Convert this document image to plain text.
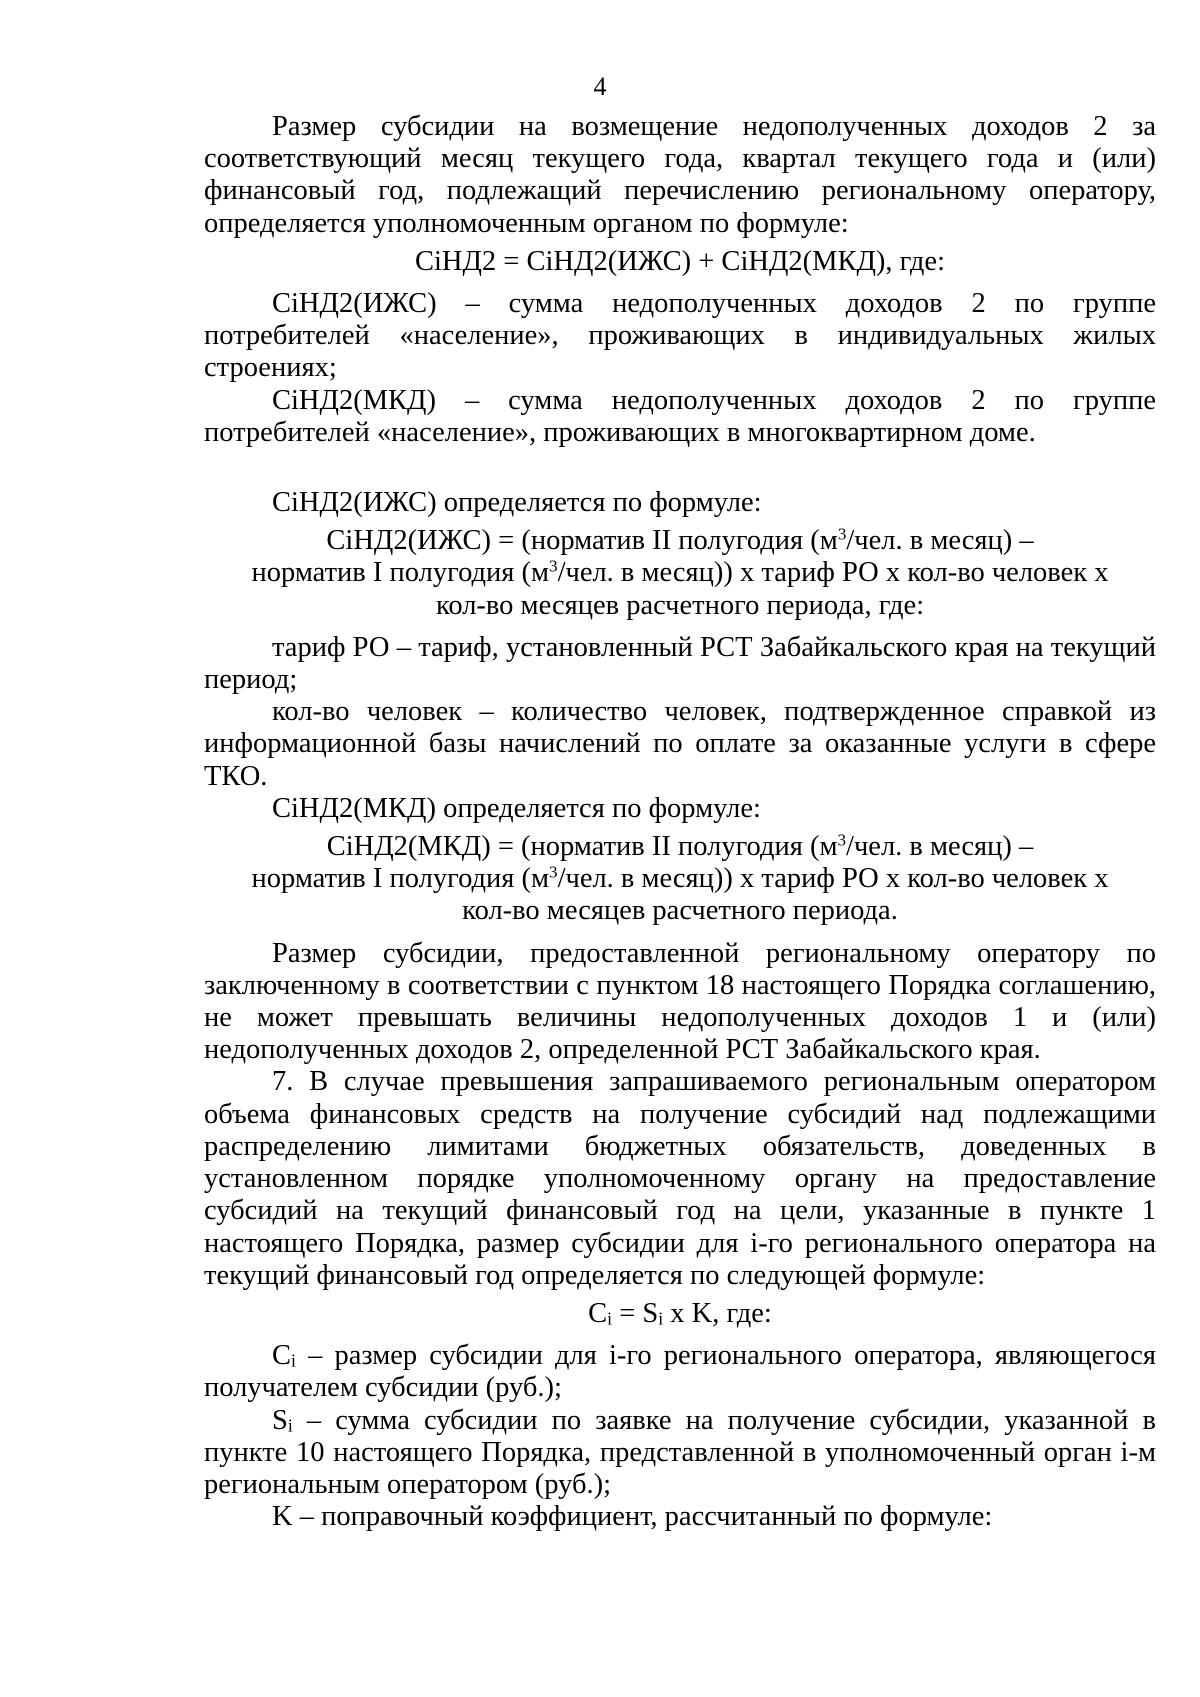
4

Размер субсидии на возмещение недополученных доходов 2 за соответствующий месяц текущего года, квартал текущего года и (или) финансовый год, подлежащий перечислению региональному оператору, определяется уполномоченным органом по формуле:

СiНД2 = СiНД2(ИЖС) + СiНД2(МКД), где:

СiНД2(ИЖС) – сумма недополученных доходов 2 по группе потребителей «население», проживающих в индивидуальных жилых строениях;

СiНД2(МКД) – сумма недополученных доходов 2 по группе потребителей «население», проживающих в многоквартирном доме.

СiНД2(ИЖС) определяется по формуле:

СiНД2(ИЖС) = (норматив II полугодия ($м^3$/чел. в месяц) –
норматив I полугодия ($м^3$/чел. в месяц)) х тариф РО х кол-во человек х
кол-во месяцев расчетного периода, где:

тариф РО – тариф, установленный РСТ Забайкальского края на текущий период;

кол-во человек – количество человек, подтвержденное справкой из информационной базы начислений по оплате за оказанные услуги в сфере ТКО.

СiНД2(МКД) определяется по формуле:

СiНД2(МКД) = (норматив II полугодия ($м^3$/чел. в месяц) –
норматив I полугодия ($м^3$/чел. в месяц)) х тариф РО х кол-во человек х
кол-во месяцев расчетного периода.

Размер субсидии, предоставленной региональному оператору по заключенному в соответствии с пунктом 18 настоящего Порядка соглашению, не может превышать величины недополученных доходов 1 и (или) недополученных доходов 2, определенной РСТ Забайкальского края.

7. В случае превышения запрашиваемого региональным оператором объема финансовых средств на получение субсидий над подлежащими распределению лимитами бюджетных обязательств, доведенных в установленном порядке уполномоченному органу на предоставление субсидий на текущий финансовый год на цели, указанные в пункте 1 настоящего Порядка, размер субсидии для i-го регионального оператора на текущий финансовый год определяется по следующей формуле:

$C_i = S_i$ x K, где:

$C_i$ – размер субсидии для i-го регионального оператора, являющегося получателем субсидии (руб.);

$S_i$ – сумма субсидии по заявке на получение субсидии, указанной в пункте 10 настоящего Порядка, представленной в уполномоченный орган i-м региональным оператором (руб.);

K – поправочный коэффициент, рассчитанный по формуле:
